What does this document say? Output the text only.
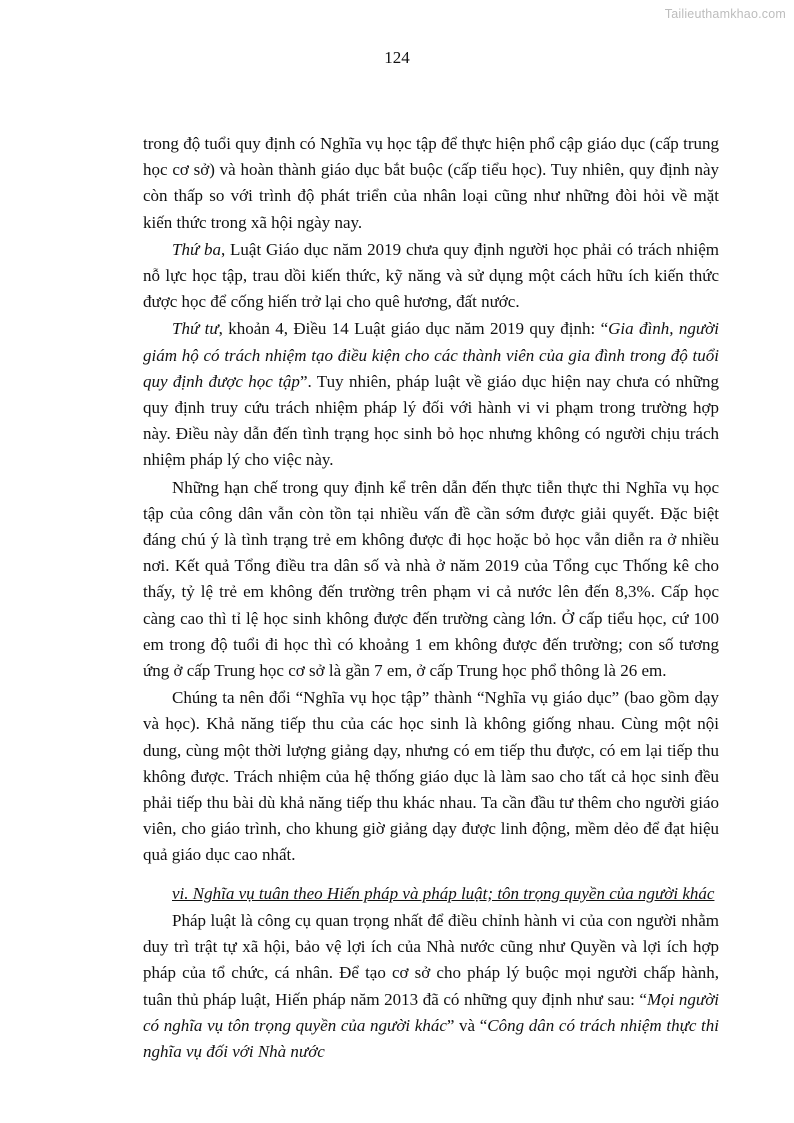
Tailieuthamkhao.com
124

trong độ tuổi quy định có Nghĩa vụ học tập để thực hiện phổ cập giáo dục (cấp trung học cơ sở) và hoàn thành giáo dục bắt buộc (cấp tiểu học). Tuy nhiên, quy định này còn thấp so với trình độ phát triển của nhân loại cũng như những đòi hỏi về mặt kiến thức trong xã hội ngày nay.

Thứ ba, Luật Giáo dục năm 2019 chưa quy định người học phải có trách nhiệm nỗ lực học tập, trau dồi kiến thức, kỹ năng và sử dụng một cách hữu ích kiến thức được học để cống hiến trở lại cho quê hương, đất nước.

Thứ tư, khoản 4, Điều 14 Luật giáo dục năm 2019 quy định: “Gia đình, người giám hộ có trách nhiệm tạo điều kiện cho các thành viên của gia đình trong độ tuổi quy định được học tập”. Tuy nhiên, pháp luật về giáo dục hiện nay chưa có những quy định truy cứu trách nhiệm pháp lý đối với hành vi vi phạm trong trường hợp này. Điều này dẫn đến tình trạng học sinh bỏ học nhưng không có người chịu trách nhiệm pháp lý cho việc này.

Những hạn chế trong quy định kể trên dẫn đến thực tiễn thực thi Nghĩa vụ học tập của công dân vẫn còn tồn tại nhiều vấn đề cần sớm được giải quyết. Đặc biệt đáng chú ý là tình trạng trẻ em không được đi học hoặc bỏ học vẫn diễn ra ở nhiều nơi. Kết quả Tổng điều tra dân số và nhà ở năm 2019 của Tổng cục Thống kê cho thấy, tỷ lệ trẻ em không đến trường trên phạm vi cả nước lên đến 8,3%. Cấp học càng cao thì tỉ lệ học sinh không được đến trường càng lớn. Ở cấp tiểu học, cứ 100 em trong độ tuổi đi học thì có khoảng 1 em không được đến trường; con số tương ứng ở cấp Trung học cơ sở là gần 7 em, ở cấp Trung học phổ thông là 26 em.

Chúng ta nên đổi “Nghĩa vụ học tập” thành “Nghĩa vụ giáo dục” (bao gồm dạy và học). Khả năng tiếp thu của các học sinh là không giống nhau. Cùng một nội dung, cùng một thời lượng giảng dạy, nhưng có em tiếp thu được, có em lại tiếp thu không được. Trách nhiệm của hệ thống giáo dục là làm sao cho tất cả học sinh đều phải tiếp thu bài dù khả năng tiếp thu khác nhau. Ta cần đầu tư thêm cho người giáo viên, cho giáo trình, cho khung giờ giảng dạy được linh động, mềm dẻo để đạt hiệu quả giáo dục cao nhất.

vi. Nghĩa vụ tuân theo Hiến pháp và pháp luật; tôn trọng quyền của người khác

Pháp luật là công cụ quan trọng nhất để điều chỉnh hành vi của con người nhằm duy trì trật tự xã hội, bảo vệ lợi ích của Nhà nước cũng như Quyền và lợi ích hợp pháp của tổ chức, cá nhân. Để tạo cơ sở cho pháp lý buộc mọi người chấp hành, tuân thủ pháp luật, Hiến pháp năm 2013 đã có những quy định như sau: “Mọi người có nghĩa vụ tôn trọng quyền của người khác” và “Công dân có trách nhiệm thực thi nghĩa vụ đối với Nhà nước
